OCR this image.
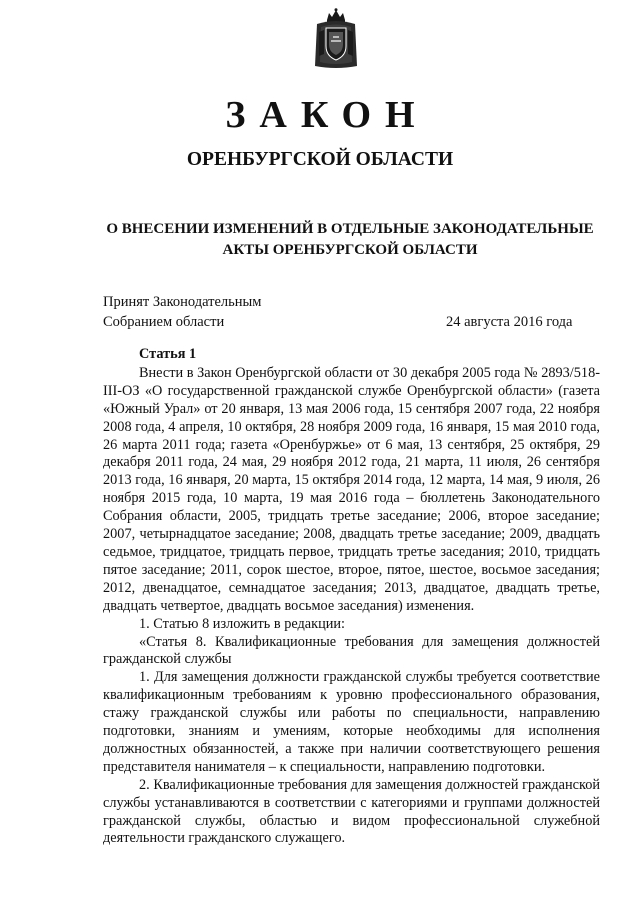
ЗАКОН
ОРЕНБУРГСКОЙ ОБЛАСТИ
О ВНЕСЕНИИ ИЗМЕНЕНИЙ В ОТДЕЛЬНЫЕ ЗАКОНОДАТЕЛЬНЫЕ
АКТЫ ОРЕНБУРГСКОЙ ОБЛАСТИ
Принят Законодательным
Собранием области	24 августа 2016 года
Статья 1

Внести в Закон Оренбургской области от 30 декабря 2005 года № 2893/518-III-ОЗ «О государственной гражданской службе Оренбургской области» (газета «Южный Урал» от 20 января, 13 мая 2006 года, 15 сентября 2007 года, 22 ноября 2008 года, 4 апреля, 10 октября, 28 ноября 2009 года, 16 января, 15 мая 2010 года, 26 марта 2011 года; газета «Оренбуржье» от 6 мая, 13 сентября, 25 октября, 29 декабря 2011 года, 24 мая, 29 ноября 2012 года, 21 марта, 11 июля, 26 сентября 2013 года, 16 января, 20 марта, 15 октября 2014 года, 12 марта, 14 мая, 9 июля, 26 ноября 2015 года, 10 марта, 19 мая 2016 года – бюллетень Законодательного Собрания области, 2005, тридцать третье заседание; 2006, второе заседание; 2007, четырнадцатое заседание; 2008, двадцать третье заседание; 2009, двадцать седьмое, тридцатое, тридцать первое, тридцать третье заседания; 2010, тридцать пятое заседание; 2011, сорок шестое, второе, пятое, шестое, восьмое заседания; 2012, двенадцатое, семнадцатое заседания; 2013, двадцатое, двадцать третье, двадцать четвертое, двадцать восьмое заседания) изменения.

1. Статью 8 изложить в редакции:

«Статья 8. Квалификационные требования для замещения должностей гражданской службы

1. Для замещения должности гражданской службы требуется соответствие квалификационным требованиям к уровню профессионального образования, стажу гражданской службы или работы по специальности, направлению подготовки, знаниям и умениям, которые необходимы для исполнения должностных обязанностей, а также при наличии соответствующего решения представителя нанимателя – к специальности, направлению подготовки.

2. Квалификационные требования для замещения должностей гражданской службы устанавливаются в соответствии с категориями и группами должностей гражданской службы, областью и видом профессиональной служебной деятельности гражданского служащего.
